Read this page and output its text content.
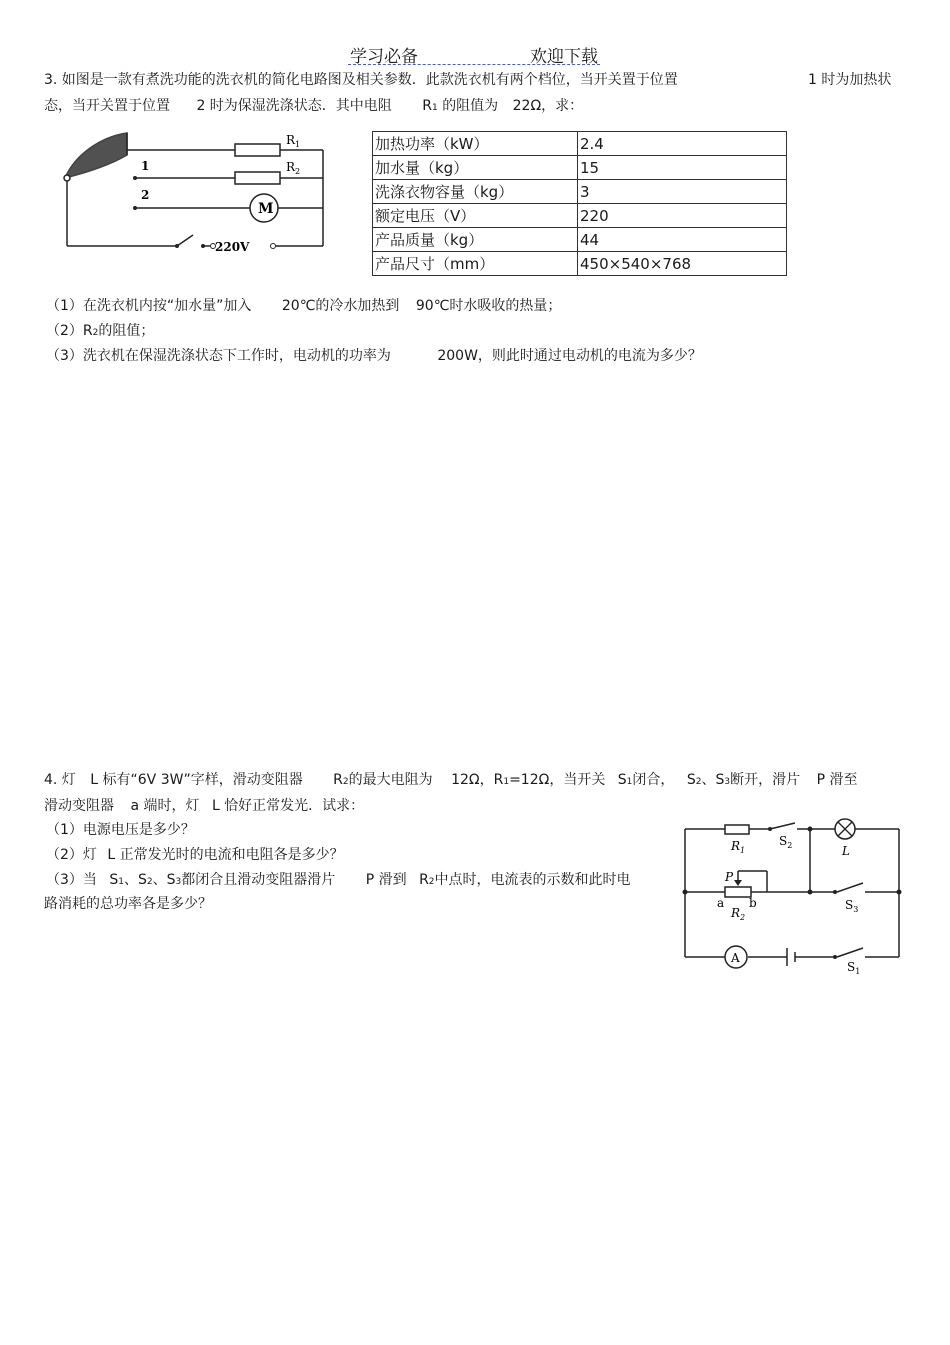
学习必备	欢迎下载
3. 如图是一款有煮洗功能的洗衣机的简化电路图及相关参数．此款洗衣机有两个档位，当开关置于位置	1 时为加热状
态，当开关置于位置 2 时为保湿洗涤状态．其中电阻 R1 的阻值为 22Ω，求：
$R_1$
$R_2$
1
2
M
220V
加热功率（kW）	2.4
加水量（kg）	15
洗涤衣物容量（kg）	3
额定电压（V）	220
产品质量（kg）	44
产品尺寸（mm）	450×540×768
（1）在洗衣机内按“加水量”加入 20℃的冷水加热到 90℃时水吸收的热量；
（2）R2的阻值；
（3）洗衣机在保湿洗涤状态下工作时，电动机的功率为	200W，则此时通过电动机的电流为多少？
4. 灯 L 标有“6V 3W”字样，滑动变阻器 R2的最大电阻为 12Ω，R1=12Ω，当开关 S1闭合， S2、S3断开，滑片 P 滑至
滑动变阻器 a 端时，灯 L 恰好正常发光．试求：
（1）电源电压是多少？
（2）灯 L 正常发光时的电流和电阻各是多少？
（3）当 S1、S2、S3都闭合且滑动变阻器滑片 P 滑到 R2中点时，电流表的示数和此时电
路消耗的总功率各是多少？
$R_1$
$S_2$	L
P
a b
$R_2$
$S_3$
A
$S_1$
